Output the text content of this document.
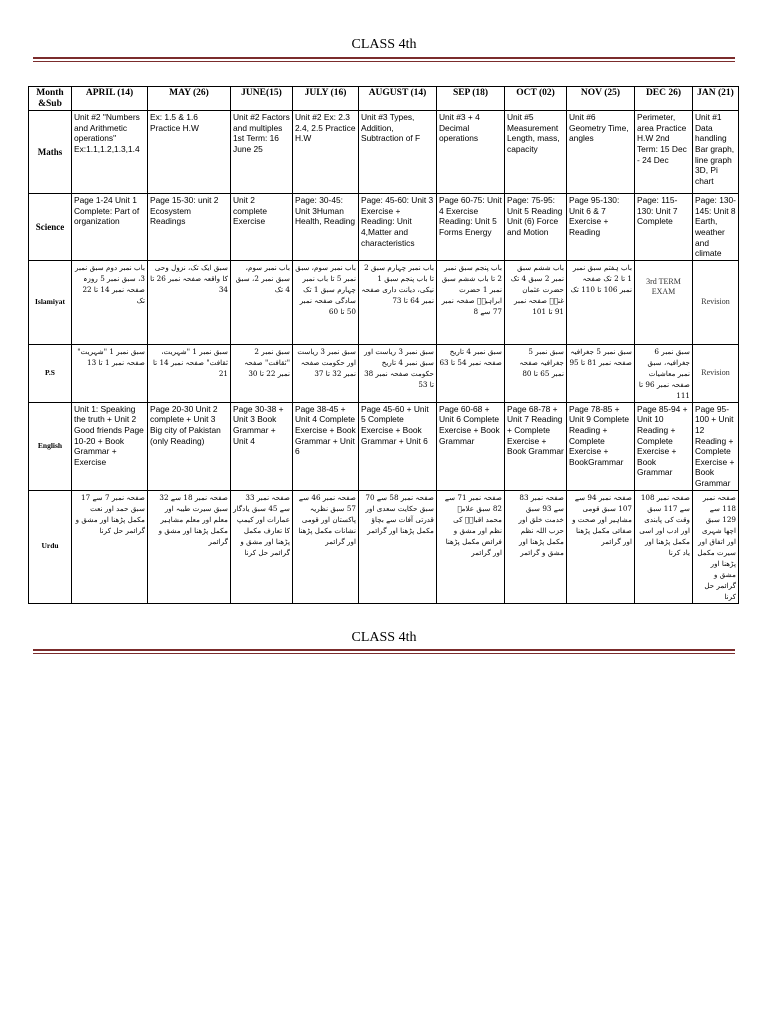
CLASS 4th
Month &Sub	APRIL (14)	MAY (26)	JUNE(15)	JULY (16)	AUGUST (14)	SEP (18)	OCT (02)	NOV (25)	DEC 26)	JAN (21)
Maths	Unit #2 "Numbers and Arithmetic operations" Ex:1.1,1.2,1.3,1.4	Ex: 1.5 & 1.6 Practice H.W	Unit #2 Factors and multiples 1st Term: 16 June 25	Unit #2 Ex: 2.3 2.4, 2.5 Practice H.W	Unit #3 Types, Addition, Subtraction of F	Unit #3 + 4 Decimal operations	Unit #5 Measurement Length, mass, capacity	Unit #6 Geometry Time, angles	Perimeter, area Practice H.W 2nd Term: 15 Dec - 24 Dec	Unit #1 Data handling Bar graph, line graph 3D, Pi chart
Science	Page 1-24 Unit 1 Complete: Part of organization	Page 15-30: unit 2 Ecosystem Readings	Unit 2 complete Exercise	Page: 30-45: Unit 3Human Health, Reading	Page: 45-60: Unit 3 Exercise + Reading: Unit 4,Matter and characteristics	Page 60-75: Unit 4 Exercise Reading: Unit 5 Forms Energy	Page: 75-95: Unit 5 Reading Unit (6) Force and Motion	Page 95-130: Unit 6 & 7 Exercise + Reading	Page: 115-130: Unit 7 Complete	Page: 130-145: Unit 8 Earth, weather and climate
Islamiyat	باب نمبر دوم سبق نمبر 3، سبق نمبر 5 روزہ صفحہ نمبر 14 تا 22 تک	سبق ایک تک، نزول وحی کا واقعہ صفحہ نمبر 26 تا 34	باب نمبر سوم، سبق نمبر 2، سبق 4 تک	باب نمبر سوم، سبق نمبر 5 تا باب نمبر چہارم سبق 1 تک سادگی صفحہ نمبر 50 تا 60	باب نمبر چہارم سبق 2 تا باب پنجم سبق 1 نیکی، دیانت داری صفحہ نمبر 64 تا 73	باب پنجم سبق نمبر 2 تا باب ششم سبق نمبر 1 حضرت ابراہیمؑ صفحہ نمبر 77 سے 8	باب ششم سبق نمبر 2 سبق 4 تک حضرت عثمان غنیؓ صفحہ نمبر 91 تا 101	باب ہفتم سبق نمبر 1 تا 2 تک صفحہ نمبر 106 تا 110 تک	3rd TERM EXAM	Revision
P.S	سبق نمبر 1 "شہریت" صفحہ نمبر 1 تا 13	سبق نمبر 1 "شہریت، ثقافت" صفحہ نمبر 14 تا 21	سبق نمبر 2 "ثقافت" صفحہ نمبر 22 تا 30	سبق نمبر 3 ریاست اور حکومت صفحہ نمبر 32 تا 37	سبق نمبر 3 ریاست اور سبق نمبر 4 تاریخ حکومت صفحہ نمبر 38 تا 53	سبق نمبر 4 تاریخ صفحہ نمبر 54 تا 63	سبق نمبر 5 جغرافیہ صفحہ نمبر 65 تا 80	سبق نمبر 5 جغرافیہ صفحہ نمبر 81 تا 95	سبق نمبر 6 جغرافیہ، سبق نمبر معاشیات صفحہ نمبر 96 تا 111	Revision
English	Unit 1: Speaking the truth + Unit 2 Good friends Page 10-20 + Book Grammar + Exercise	Page 20-30 Unit 2 complete + Unit 3 Big city of Pakistan (only Reading)	Page 30-38 + Unit 3 Book Grammar + Unit 4	Page 38-45 + Unit 4 Complete Exercise + Book Grammar + Unit 6	Page 45-60 + Unit 5 Complete Exercise + Book Grammar + Unit 6	Page 60-68 + Unit 6 Complete Exercise + Book Grammar	Page 68-78 + Unit 7 Reading + Complete Exercise + Book Grammar	Page 78-85 + Unit 9 Complete Reading + Complete Exercise + BookGrammar	Page 85-94 + Unit 10 Reading + Complete Exercise + Book Grammar	Page 95-100 + Unit 12 Reading + Complete Exercise + Book Grammar
Urdu	صفحہ نمبر 7 سے 17 سبق حمد اور نعت مکمل پڑھنا اور مشق و گرائمر حل کرنا	صفحہ نمبر 18 سے 32 سبق سیرت طیبہ اور معلم اور معلم مشاہیر مکمل پڑھنا اور مشق و گرائمر	صفحہ نمبر 33 سے 45 سبق یادگار عمارات اور کیمپ کا تعارف مکمل پڑھنا اور مشق و گرائمر حل کرنا	صفحہ نمبر 46 سے 57 سبق نظریہ پاکستان اور قومی نشانات مکمل پڑھنا اور گرائمر	صفحہ نمبر 58 سے 70 سبق حکایت سعدی اور قدرتی آفات سے بچاؤ مکمل پڑھنا اور گرائمر	صفحہ نمبر 71 سے 82 سبق علامہ محمد اقبالؒ کی نظم اور مشق و فرائض مکمل پڑھنا اور گرائمر	صفحہ نمبر 83 سے 93 سبق خدمت خلق اور حزب اللہ نظم مکمل پڑھنا اور مشق و گرائمر	صفحہ نمبر 94 سے 107 سبق قومی مشاہیر اور صحت و صفائی مکمل پڑھنا اور گرائمر	صفحہ نمبر 108 سے 117 سبق وقت کی پابندی اور ادب اور اسی مکمل پڑھنا اور یاد کرنا	صفحہ نمبر 118 سے 129 سبق اچھا شہری اور اتفاق اور سیرت مکمل پڑھنا اور مشق و گرائمر حل کرنا
CLASS 4th
